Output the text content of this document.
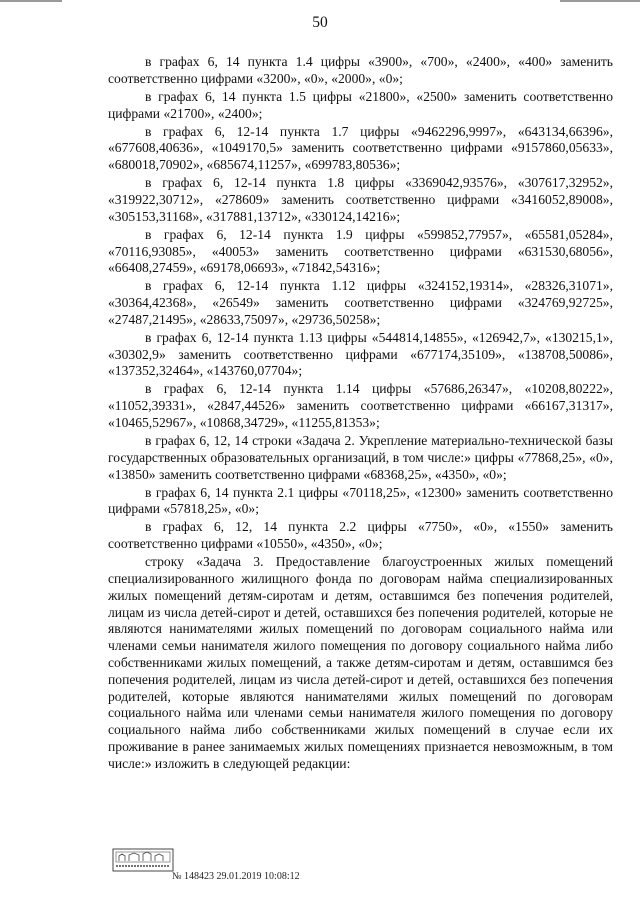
50

в графах 6, 14 пункта 1.4 цифры «3900», «700», «2400», «400» заменить соответственно цифрами «3200», «0», «2000», «0»;

в графах 6, 14 пункта 1.5 цифры «21800», «2500» заменить соответственно цифрами «21700», «2400»;

в графах 6, 12-14 пункта 1.7 цифры «9462296,9997», «643134,66396», «677608,40636», «1049170,5» заменить соответственно цифрами «9157860,05633», «680018,70902», «685674,11257», «699783,80536»;

в графах 6, 12-14 пункта 1.8 цифры «3369042,93576», «307617,32952», «319922,30712», «278609» заменить соответственно цифрами «3416052,89008», «305153,31168», «317881,13712», «330124,14216»;

в графах 6, 12-14 пункта 1.9 цифры «599852,77957», «65581,05284», «70116,93085», «40053» заменить соответственно цифрами «631530,68056», «66408,27459», «69178,06693», «71842,54316»;

в графах 6, 12-14 пункта 1.12 цифры «324152,19314», «28326,31071», «30364,42368», «26549» заменить соответственно цифрами «324769,92725», «27487,21495», «28633,75097», «29736,50258»;

в графах 6, 12-14 пункта 1.13 цифры «544814,14855», «126942,7», «130215,1», «30302,9» заменить соответственно цифрами «677174,35109», «138708,50086», «137352,32464», «143760,07704»;

в графах 6, 12-14 пункта 1.14 цифры «57686,26347», «10208,80222», «11052,39331», «2847,44526» заменить соответственно цифрами «66167,31317», «10465,52967», «10868,34729», «11255,81353»;

в графах 6, 12, 14 строки «Задача 2. Укрепление материально-технической базы государственных образовательных организаций, в том числе:» цифры «77868,25», «0», «13850» заменить соответственно цифрами «68368,25», «4350», «0»;

в графах 6, 14 пункта 2.1 цифры «70118,25», «12300» заменить соответственно цифрами «57818,25», «0»;

в графах 6, 12, 14 пункта 2.2 цифры «7750», «0», «1550» заменить соответственно цифрами «10550», «4350», «0»;

строку «Задача 3. Предоставление благоустроенных жилых помещений специализированного жилищного фонда по договорам найма специализированных жилых помещений детям-сиротам и детям, оставшимся без попечения родителей, лицам из числа детей-сирот и детей, оставшихся без попечения родителей, которые не являются нанимателями жилых помещений по договорам социального найма или членами семьи нанимателя жилого помещения по договору социального найма либо собственниками жилых помещений, а также детям-сиротам и детям, оставшимся без попечения родителей, лицам из числа детей-сирот и детей, оставшихся без попечения родителей, которые являются нанимателями жилых помещений по договорам социального найма или членами семьи нанимателя жилого помещения по договору социального найма либо собственниками жилых помещений в случае если их проживание в ранее занимаемых жилых помещениях признается невозможным, в том числе:» изложить в следующей редакции:

№ 148423 29.01.2019 10:08:12
